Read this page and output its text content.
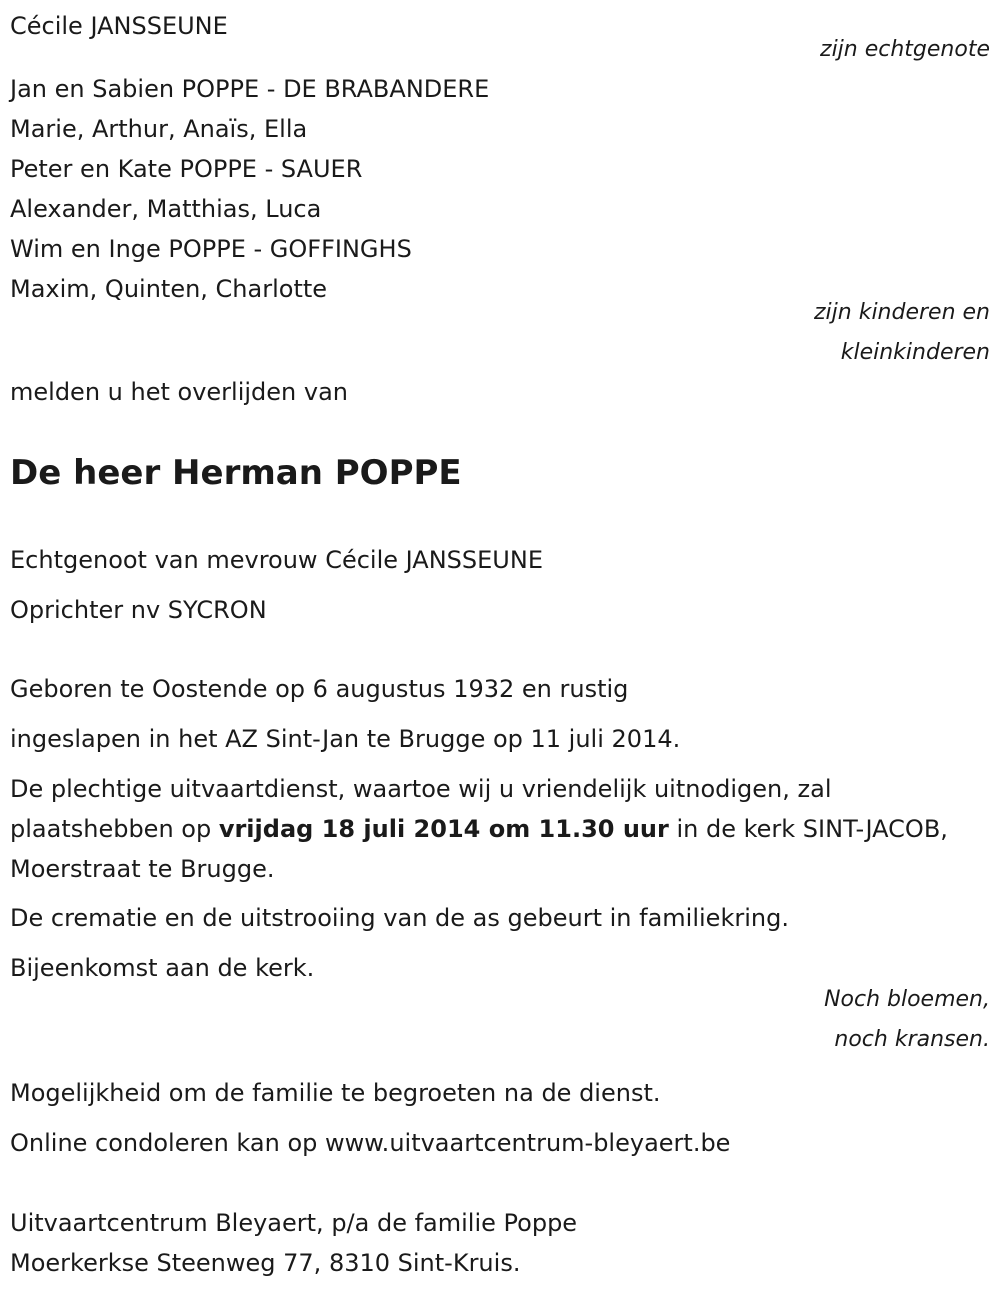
Cécile JANSSEUNE

zijn echtgenote

Jan en Sabien POPPE - DE BRABANDERE

Marie, Arthur, Anaïs, Ella

Peter en Kate POPPE - SAUER

Alexander, Matthias, Luca

Wim en Inge POPPE - GOFFINGHS

Maxim, Quinten, Charlotte

zijn kinderen en

kleinkinderen

melden u het overlijden van

De heer Herman POPPE

Echtgenoot van mevrouw Cécile JANSSEUNE

Oprichter nv SYCRON

Geboren te Oostende op 6 augustus 1932 en rustig

ingeslapen in het AZ Sint-Jan te Brugge op 11 juli 2014.

De plechtige uitvaartdienst, waartoe wij u vriendelijk uitnodigen, zal plaatshebben op vrijdag 18 juli 2014 om 11.30 uur in de kerk SINT-JACOB, Moerstraat te Brugge.

De crematie en de uitstrooiing van de as gebeurt in familiekring.

Bijeenkomst aan de kerk.

Noch bloemen,

noch kransen.

Mogelijkheid om de familie te begroeten na de dienst.

Online condoleren kan op www.uitvaartcentrum-bleyaert.be

Uitvaartcentrum Bleyaert, p/a de familie Poppe

Moerkerkse Steenweg 77, 8310 Sint-Kruis.
